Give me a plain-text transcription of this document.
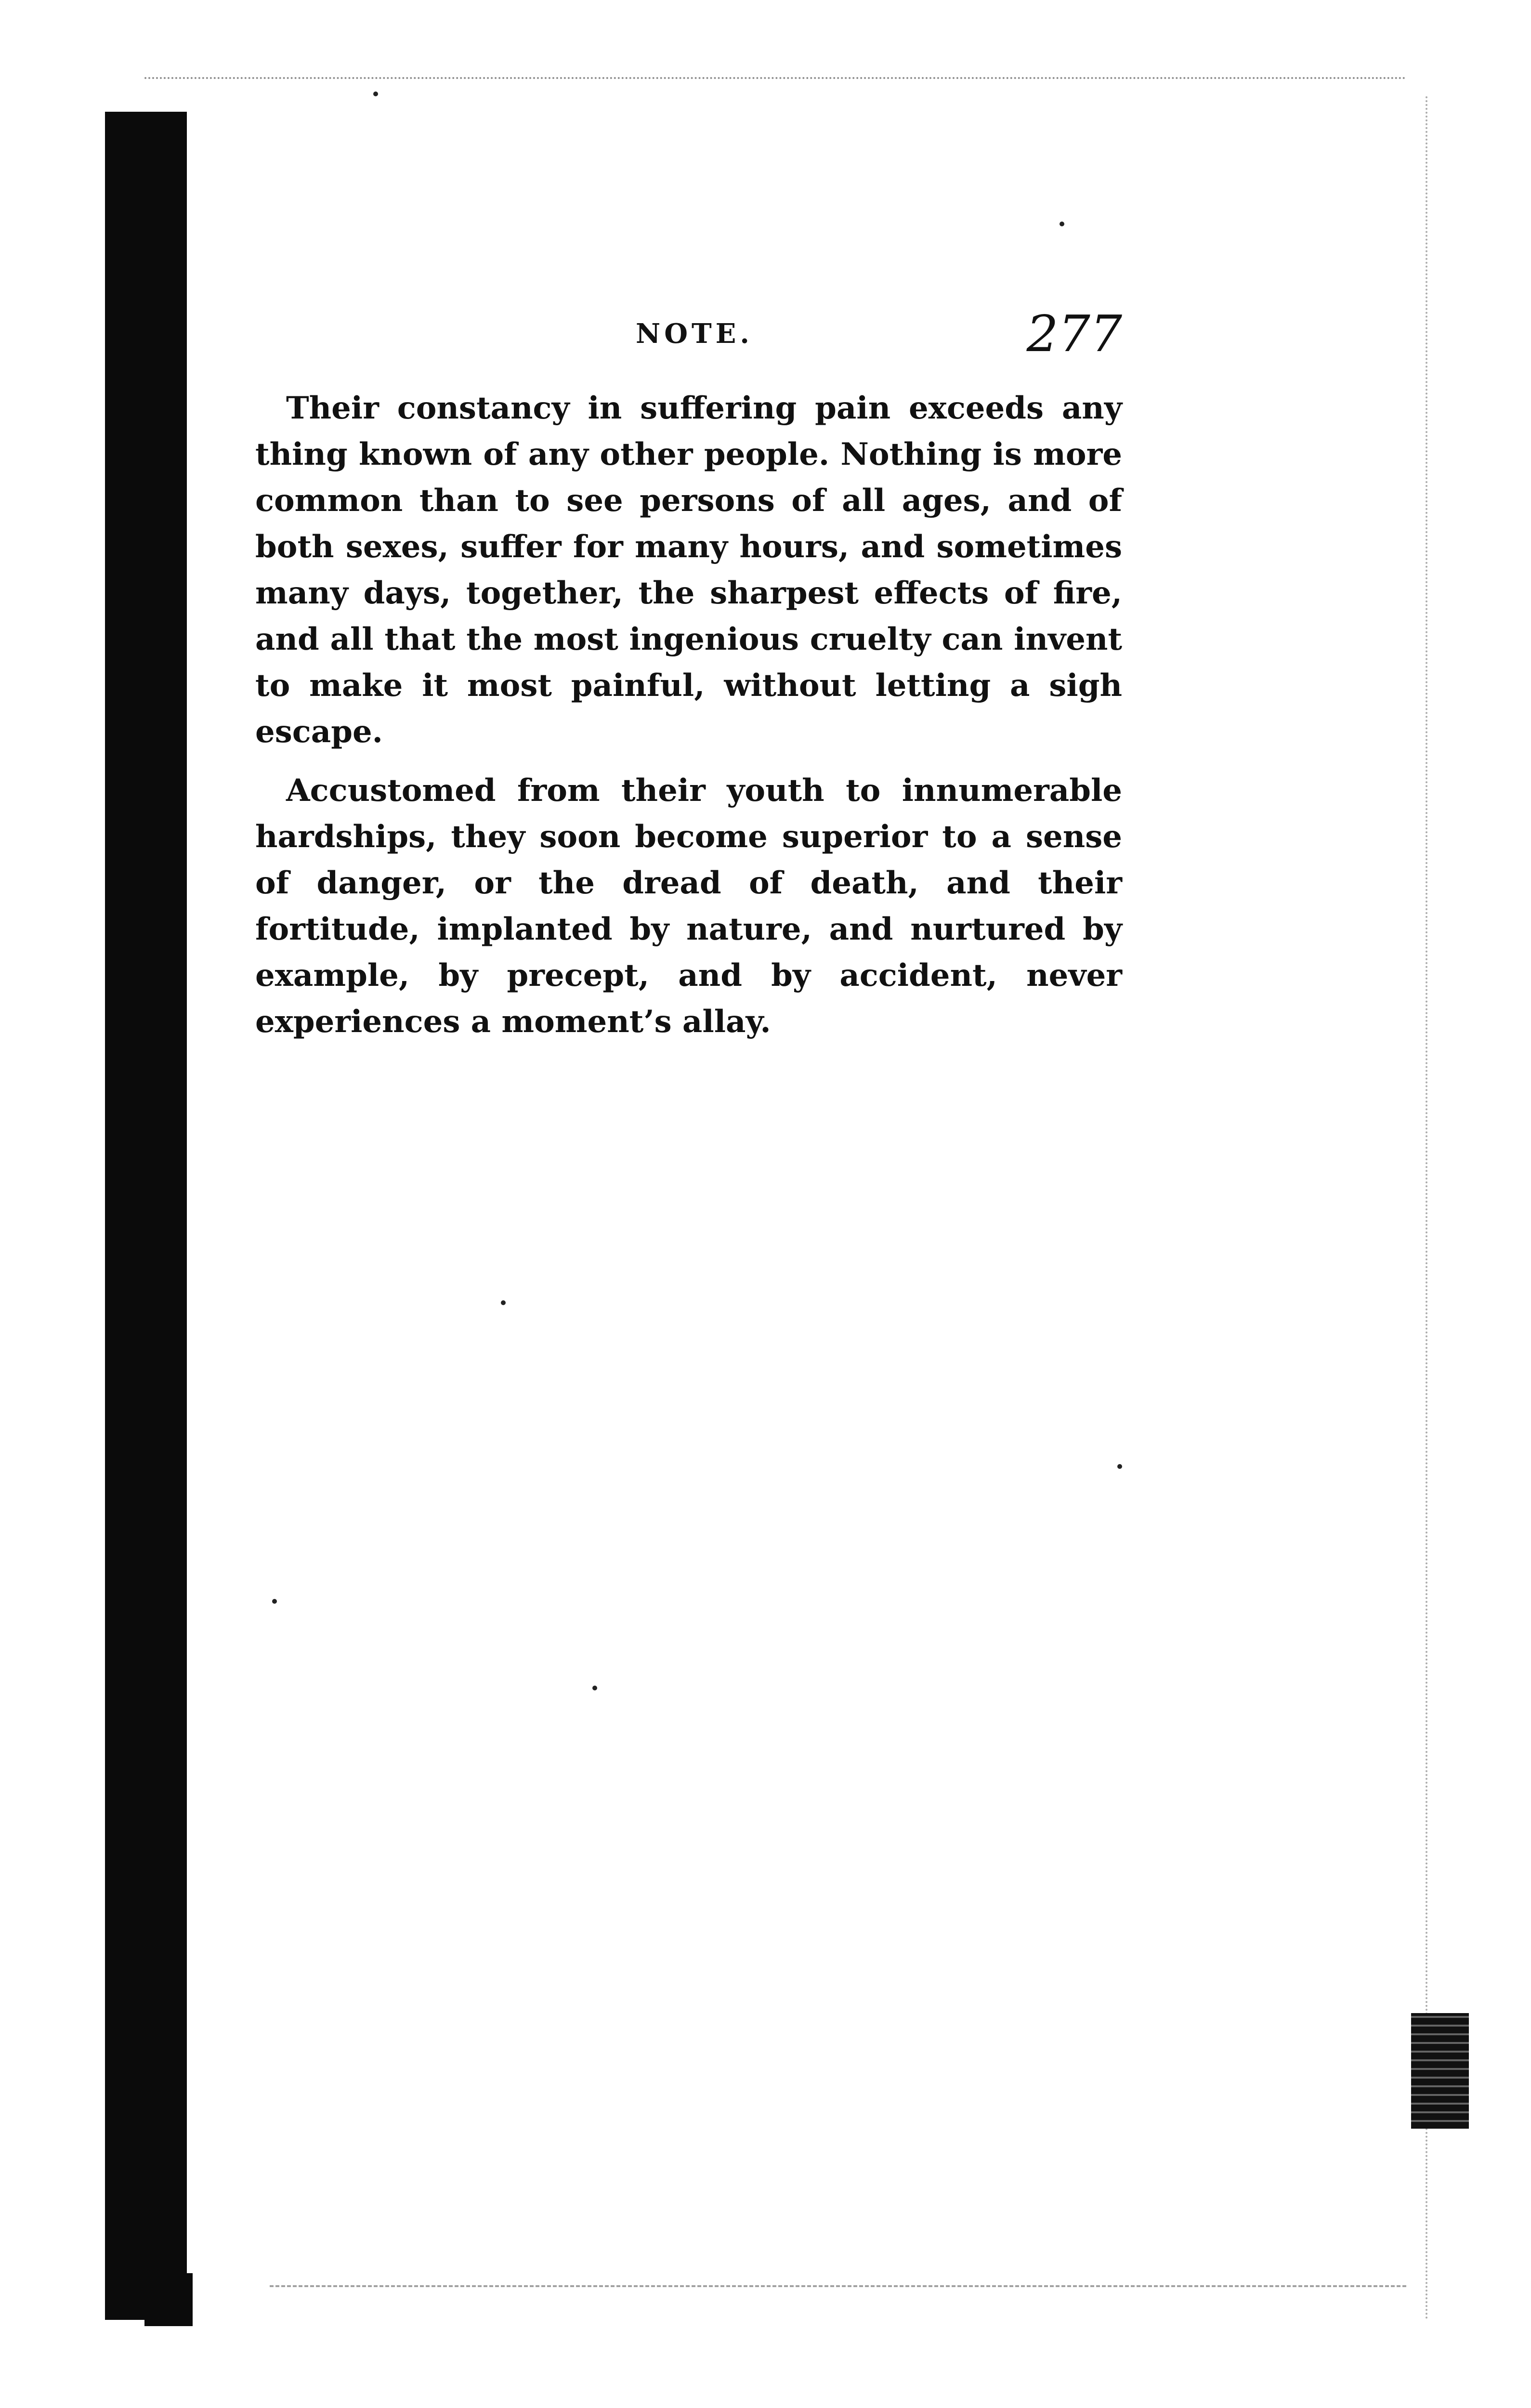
NOTE.	277

Their constancy in suffering pain exceeds any thing known of any other people. Nothing is more common than to see persons of all ages, and of both sexes, suffer for many hours, and sometimes many days, together, the sharpest effects of fire, and all that the most ingenious cruelty can invent to make it most painful, without letting a sigh escape.

Accustomed from their youth to innumerable hardships, they soon become superior to a sense of danger, or the dread of death, and their fortitude, implanted by nature, and nurtured by example, by precept, and by accident, never experiences a moment’s allay.
